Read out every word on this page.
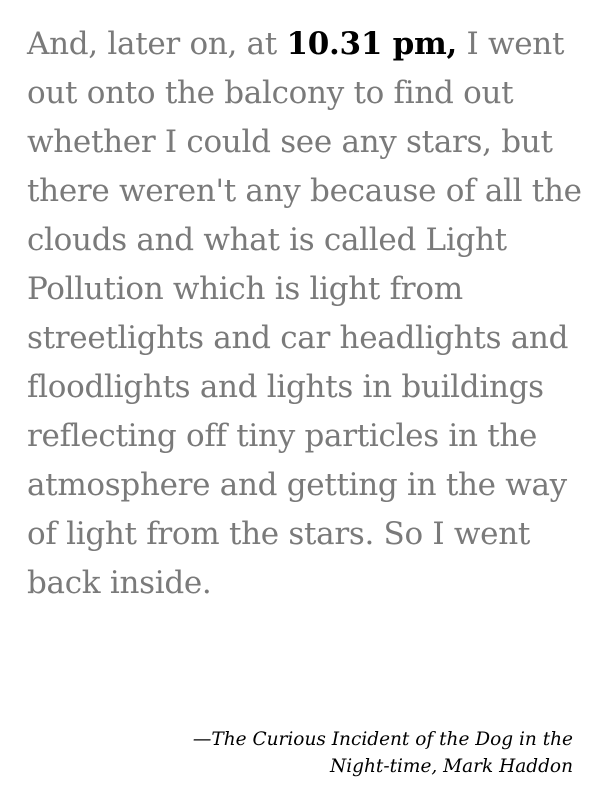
And, later on, at 10.31 pm, I went out onto the balcony to find out whether I could see any stars, but there weren't any because of all the clouds and what is called Light Pollution which is light from streetlights and car headlights and floodlights and lights in buildings reflecting off tiny particles in the atmosphere and getting in the way of light from the stars. So I went back inside.

—The Curious Incident of the Dog in the Night-time, Mark Haddon
